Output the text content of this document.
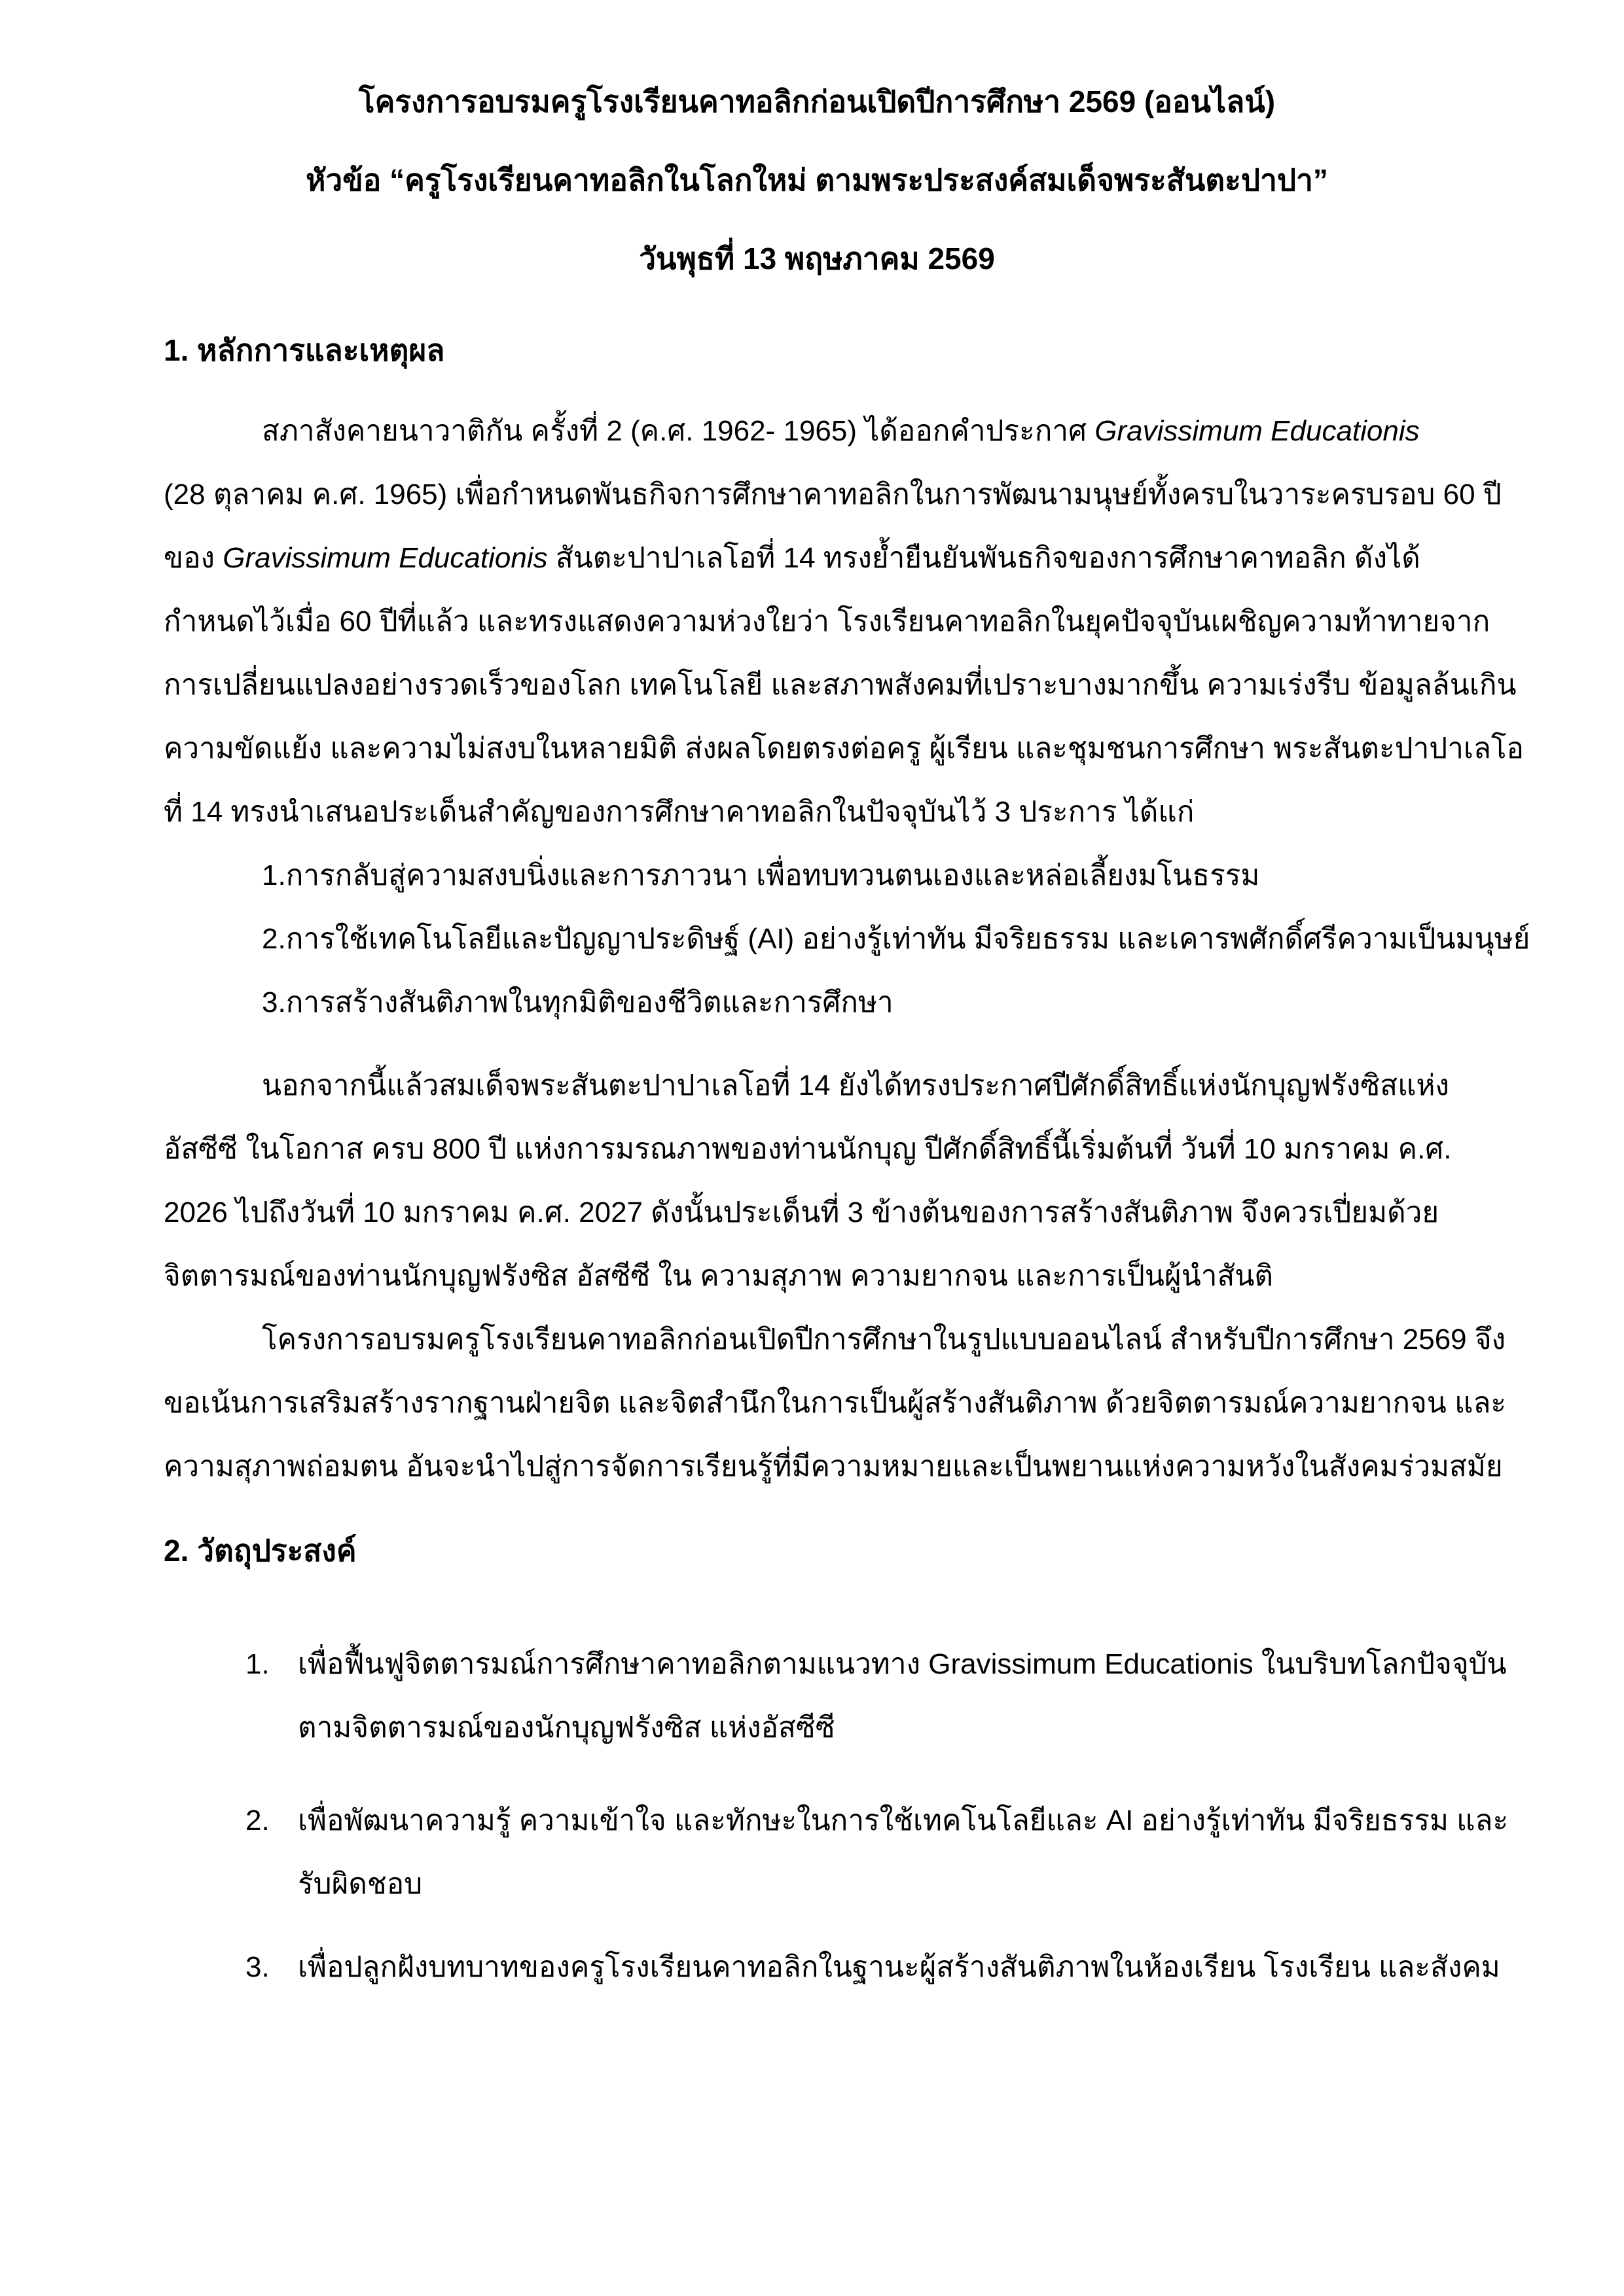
โครงการอบรมครูโรงเรียนคาทอลิกก่อนเปิดปีการศึกษา 2569 (ออนไลน์)
หัวข้อ “ครูโรงเรียนคาทอลิกในโลกใหม่ ตามพระประสงค์สมเด็จพระสันตะปาปา”
วันพุธที่ 13 พฤษภาคม 2569
1. หลักการและเหตุผล
สภาสังคายนาวาติกัน ครั้งที่ 2 (ค.ศ. 1962- 1965) ได้ออกคำประกาศ Gravissimum Educationis
(28 ตุลาคม ค.ศ. 1965) เพื่อกำหนดพันธกิจการศึกษาคาทอลิกในการพัฒนามนุษย์ทั้งครบในวาระครบรอบ 60 ปี
ของ Gravissimum Educationis สันตะปาปาเลโอที่ 14 ทรงย้ำยืนยันพันธกิจของการศึกษาคาทอลิก ดังได้
กำหนดไว้เมื่อ 60 ปีที่แล้ว และทรงแสดงความห่วงใยว่า โรงเรียนคาทอลิกในยุคปัจจุบันเผชิญความท้าทายจาก
การเปลี่ยนแปลงอย่างรวดเร็วของโลก เทคโนโลยี และสภาพสังคมที่เปราะบางมากขึ้น ความเร่งรีบ ข้อมูลล้นเกิน
ความขัดแย้ง และความไม่สงบในหลายมิติ ส่งผลโดยตรงต่อครู ผู้เรียน และชุมชนการศึกษา พระสันตะปาปาเลโอ
ที่ 14 ทรงนำเสนอประเด็นสำคัญของการศึกษาคาทอลิกในปัจจุบันไว้ 3 ประการ ได้แก่
1.การกลับสู่ความสงบนิ่งและการภาวนา เพื่อทบทวนตนเองและหล่อเลี้ยงมโนธรรม
2.การใช้เทคโนโลยีและปัญญาประดิษฐ์ (AI) อย่างรู้เท่าทัน มีจริยธรรม และเคารพศักดิ์ศรีความเป็นมนุษย์
3.การสร้างสันติภาพในทุกมิติของชีวิตและการศึกษา
นอกจากนี้แล้วสมเด็จพระสันตะปาปาเลโอที่ 14 ยังได้ทรงประกาศปีศักดิ์สิทธิ์แห่งนักบุญฟรังซิสแห่ง
อัสซีซี ในโอกาส ครบ 800 ปี แห่งการมรณภาพของท่านนักบุญ ปีศักดิ์สิทธิ์นี้เริ่มต้นที่ วันที่ 10 มกราคม ค.ศ.
2026 ไปถึงวันที่ 10 มกราคม ค.ศ. 2027 ดังนั้นประเด็นที่ 3 ข้างต้นของการสร้างสันติภาพ จึงควรเปี่ยมด้วย
จิตตารมณ์ของท่านนักบุญฟรังซิส อัสซีซี ใน ความสุภาพ ความยากจน และการเป็นผู้นำสันติ
โครงการอบรมครูโรงเรียนคาทอลิกก่อนเปิดปีการศึกษาในรูปแบบออนไลน์ สำหรับปีการศึกษา 2569 จึง
ขอเน้นการเสริมสร้างรากฐานฝ่ายจิต และจิตสำนึกในการเป็นผู้สร้างสันติภาพ ด้วยจิตตารมณ์ความยากจน และ
ความสุภาพถ่อมตน อันจะนำไปสู่การจัดการเรียนรู้ที่มีความหมายและเป็นพยานแห่งความหวังในสังคมร่วมสมัย
2. วัตถุประสงค์
1. เพื่อฟื้นฟูจิตตารมณ์การศึกษาคาทอลิกตามแนวทาง Gravissimum Educationis ในบริบทโลกปัจจุบัน
ตามจิตตารมณ์ของนักบุญฟรังซิส แห่งอัสซีซี
2. เพื่อพัฒนาความรู้ ความเข้าใจ และทักษะในการใช้เทคโนโลยีและ AI อย่างรู้เท่าทัน มีจริยธรรม และ
รับผิดชอบ
3. เพื่อปลูกฝังบทบาทของครูโรงเรียนคาทอลิกในฐานะผู้สร้างสันติภาพในห้องเรียน โรงเรียน และสังคม
